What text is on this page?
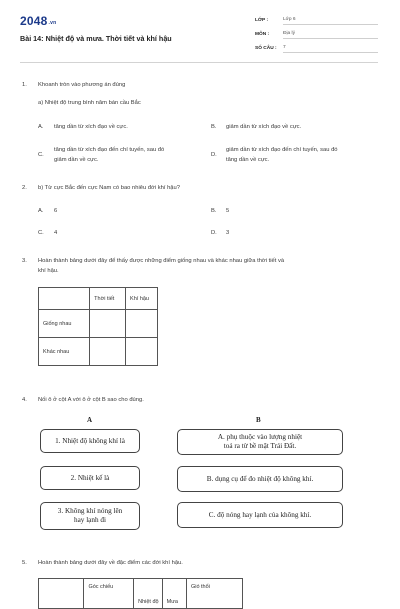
2048.vn
Bài 14: Nhiệt độ và mưa. Thời tiết và khí hậu
LỚP :	Lớp 6
MÔN :	Địa lý
SỐ CÂU : 7
1. Khoanh tròn vào phương án đúng
a) Nhiệt độ trung bình năm bán cầu Bắc
A. tăng dần từ xích đạo về cực.	B. giảm dần từ xích đạo về cực.
C.
tăng dần từ xích đạo đến chí tuyến, sau đó
giảm dần về cực.
D.
giảm dần từ xích đạo đến chí tuyến, sau đó
tăng dần về cực.
2. b) Từ cực Bắc đến cực Nam có bao nhiêu đới khí hậu?
A. 6	B. 5
C. 4	D. 3
3. Hoàn thành bảng dưới đây để thấy được những điểm giống nhau và khác nhau giữa thời tiết và
khí hậu.
	Thời tiết	Khí hậu
Giống nhau		
Khác nhau		
4. Nối ô ở cột A với ô ở cột B sao cho đúng.
A	B
1. Nhiệt độ không khí là
2. Nhiệt kế là
3. Không khí nóng lên
hay lạnh đi
A. phụ thuộc vào lượng nhiệt
toả ra từ bề mặt Trái Đất.
B. dụng cụ để đo nhiệt độ không khí.
C. độ nóng hay lạnh của không khí.
5. Hoàn thành bảng dưới đây về đặc điểm các đới khí hậu.
	Góc chiếu	Nhiệt độ	Mưa	Gió thổi
